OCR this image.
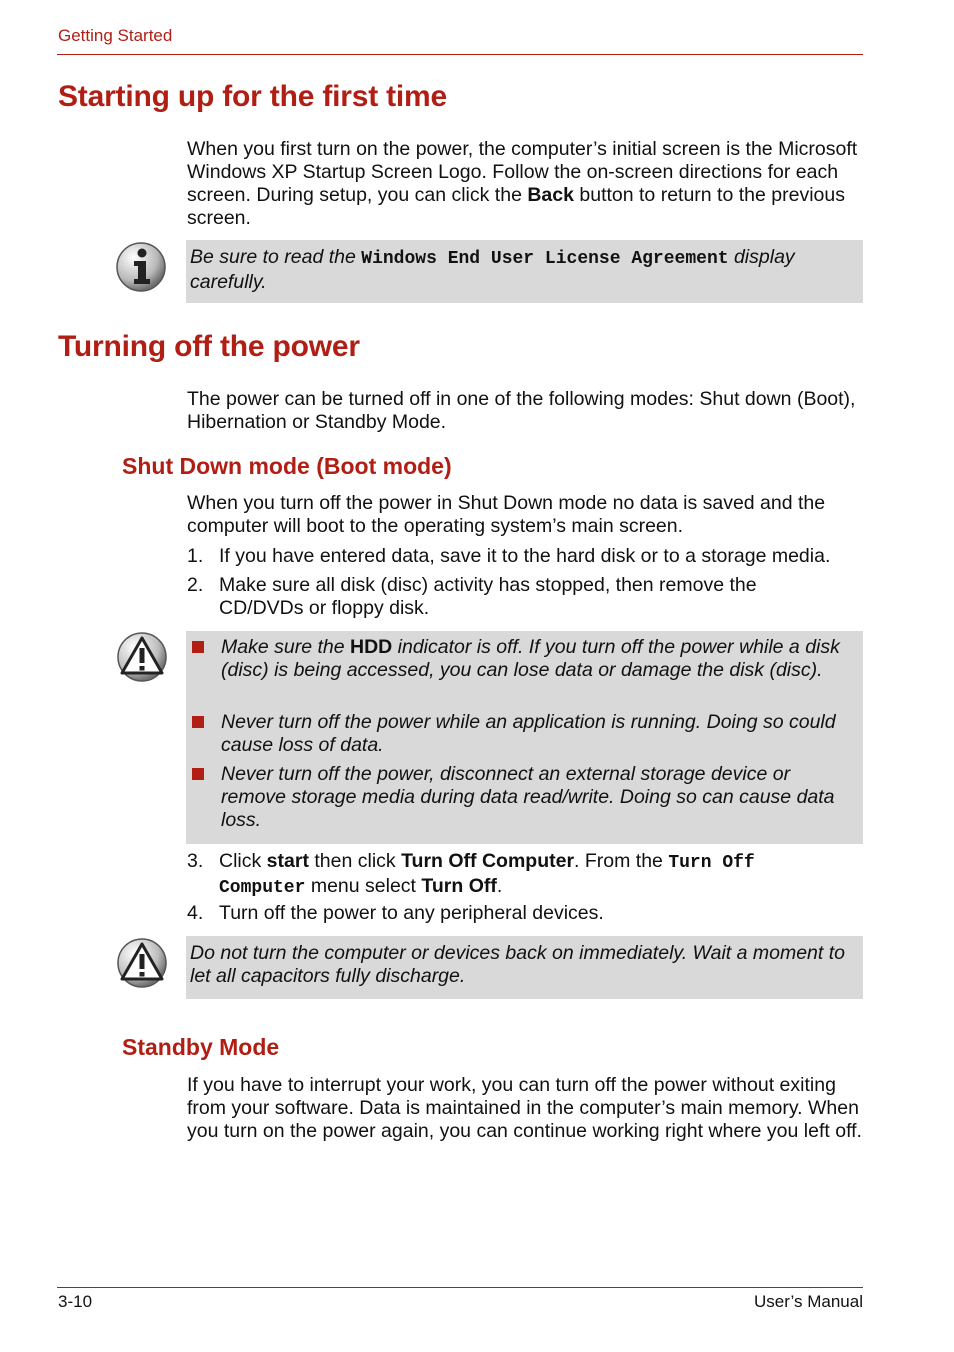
Getting Started
Starting up for the first time
When you first turn on the power, the computer’s initial screen is the Microsoft Windows XP Startup Screen Logo. Follow the on-screen directions for each screen. During setup, you can click the Back button to return to the previous screen.
Be sure to read the Windows End User License Agreement display carefully.
Turning off the power
The power can be turned off in one of the following modes: Shut down (Boot), Hibernation or Standby Mode.
Shut Down mode (Boot mode)
When you turn off the power in Shut Down mode no data is saved and the computer will boot to the operating system’s main screen.
1. If you have entered data, save it to the hard disk or to a storage media.
2. Make sure all disk (disc) activity has stopped, then remove the CD/DVDs or floppy disk.
Make sure the HDD indicator is off. If you turn off the power while a disk (disc) is being accessed, you can lose data or damage the disk (disc).
Never turn off the power while an application is running. Doing so could cause loss of data.
Never turn off the power, disconnect an external storage device or remove storage media during data read/write. Doing so can cause data loss.
3. Click start then click Turn Off Computer. From the Turn Off Computer menu select Turn Off.
4. Turn off the power to any peripheral devices.
Do not turn the computer or devices back on immediately. Wait a moment to let all capacitors fully discharge.
Standby Mode
If you have to interrupt your work, you can turn off the power without exiting from your software. Data is maintained in the computer’s main memory. When you turn on the power again, you can continue working right where you left off.
3-10	User’s Manual
